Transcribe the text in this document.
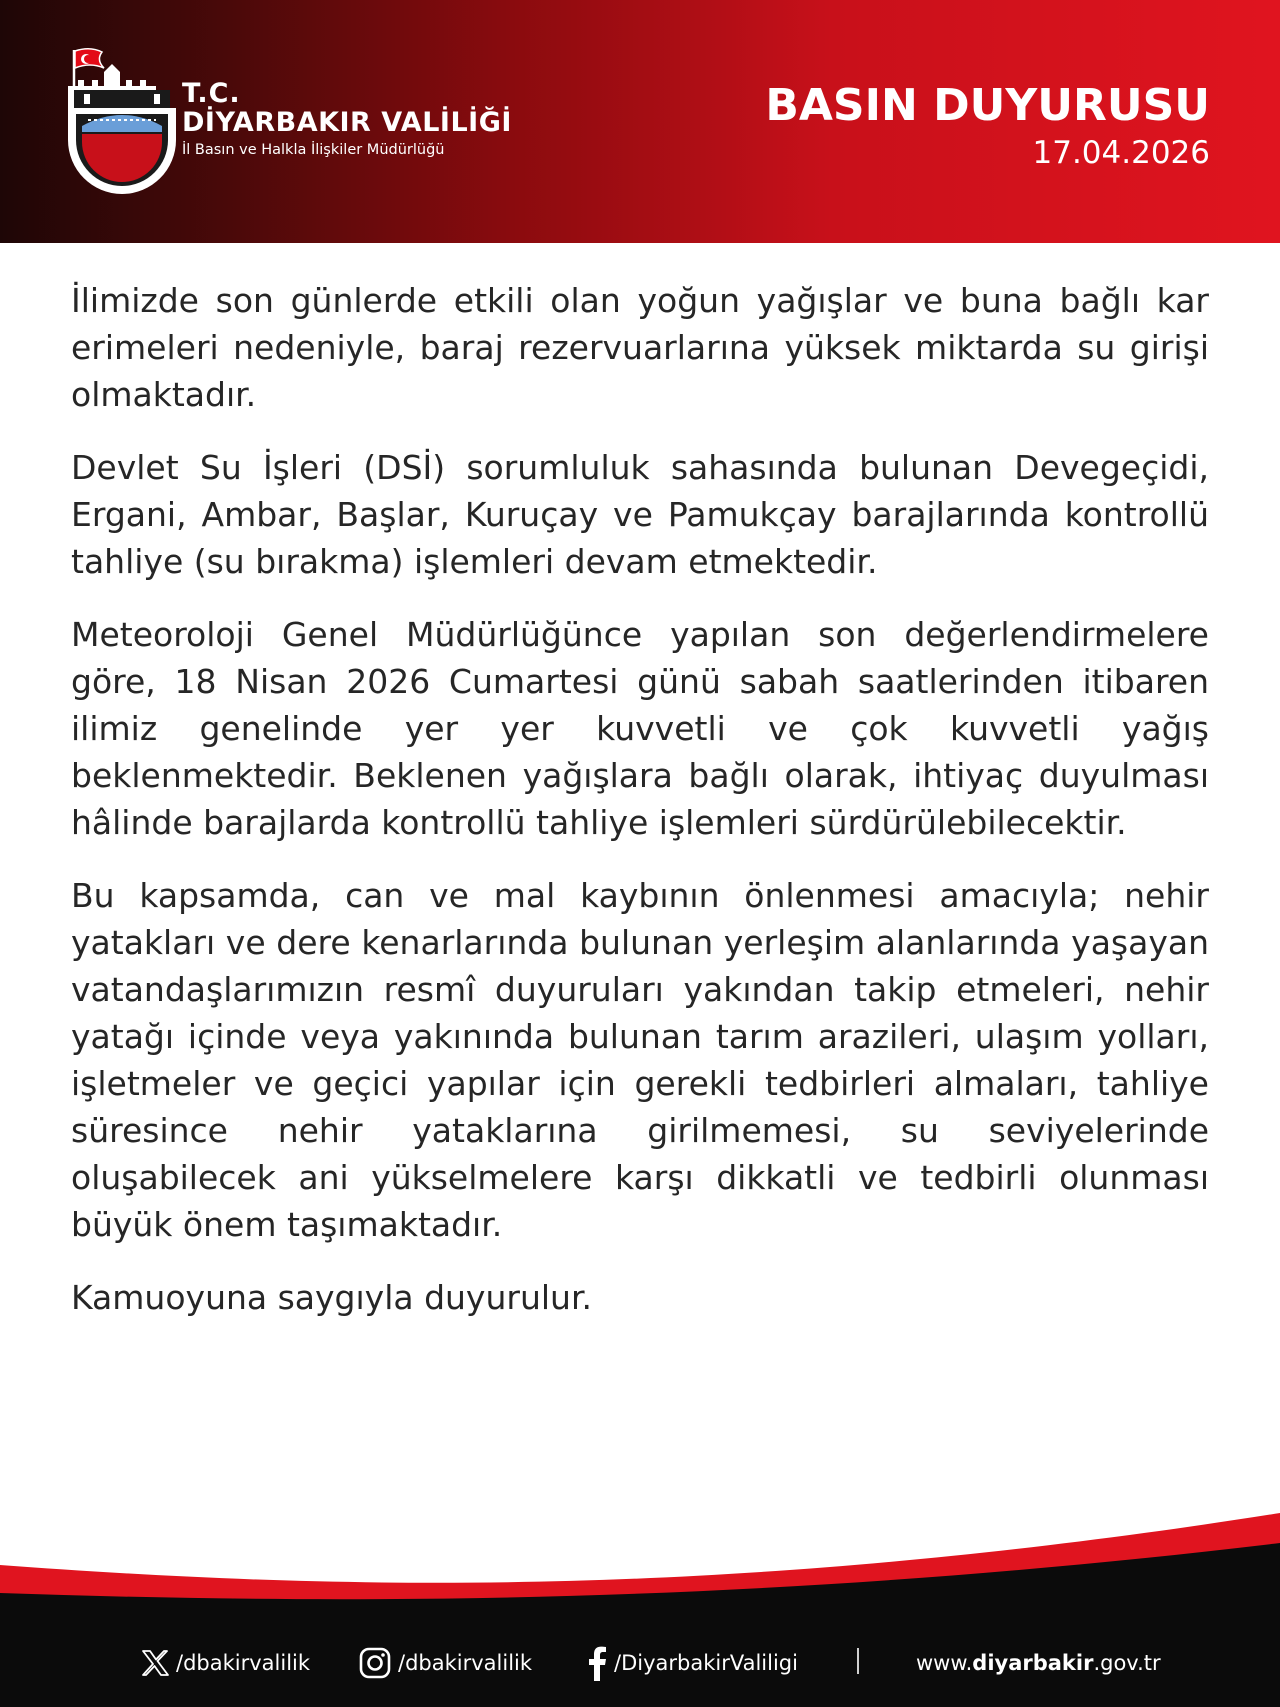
T.C.
DİYARBAKIR VALİLİĞİ
İl Basın ve Halkla İlişkiler Müdürlüğü
BASIN DUYURUSU
17.04.2026

İlimizde son günlerde etkili olan yoğun yağışlar ve buna bağlı kar erimeleri nedeniyle, baraj rezervuarlarına yüksek miktarda su girişi olmaktadır.

Devlet Su İşleri (DSİ) sorumluluk sahasında bulunan Devegeçidi, Ergani, Ambar, Başlar, Kuruçay ve Pamukçay barajlarında kontrollü tahliye (su bırakma) işlemleri devam etmektedir.

Meteoroloji Genel Müdürlüğünce yapılan son değerlendirmelere göre, 18 Nisan 2026 Cumartesi günü sabah saatlerinden itibaren ilimiz genelinde yer yer kuvvetli ve çok kuvvetli yağış beklenmektedir. Beklenen yağışlara bağlı olarak, ihtiyaç duyulması hâlinde barajlarda kontrollü tahliye işlemleri sürdürülebilecektir.

Bu kapsamda, can ve mal kaybının önlenmesi amacıyla; nehir yatakları ve dere kenarlarında bulunan yerleşim alanlarında yaşayan vatandaşlarımızın resmî duyuruları yakından takip etmeleri, nehir yatağı içinde veya yakınında bulunan tarım arazileri, ulaşım yolları, işletmeler ve geçici yapılar için gerekli tedbirleri almaları, tahliye süresince nehir yataklarına girilmemesi, su seviyelerinde oluşabilecek ani yükselmelere karşı dikkatli ve tedbirli olunması büyük önem taşımaktadır.

Kamuoyuna saygıyla duyurulur.

/dbakirvalilik	/dbakirvalilik	/DiyarbakirValiligi	www. diyarbakir .gov.tr
